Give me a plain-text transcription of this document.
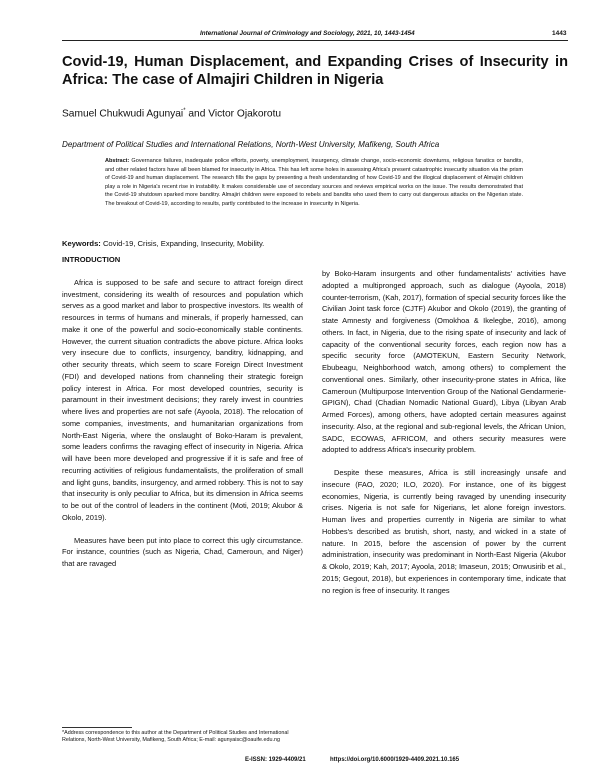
International Journal of Criminology and Sociology, 2021, 10, 1443-1454	1443
Covid-19, Human Displacement, and Expanding Crises of Insecurity in Africa: The case of Almajiri Children in Nigeria
Samuel Chukwudi Agunyai* and Victor Ojakorotu
Department of Political Studies and International Relations, North-West University, Mafikeng, South Africa
Abstract: Governance failures, inadequate police efforts, poverty, unemployment, insurgency, climate change, socio-economic downturns, religious fanatics or bandits, and other related factors have all been blamed for insecurity in Africa. This has left some holes in assessing Africa's present catastrophic insecurity situation via the prism of Covid-19 and human displacement. The research fills the gaps by presenting a fresh understanding of how Covid-19 and the illogical displacement of Almajiri children play a role in Nigeria's recent rise in instability. It makes considerable use of secondary sources and reviews empirical works on the issue. The results demonstrated that the Covid-19 shutdown sparked more banditry. Almajiri children were exposed to rebels and bandits who used them to carry out dangerous attacks on the Nigerian state. The breakout of Covid-19, according to results, partly contributed to the increase in insecurity in Nigeria.
Keywords: Covid-19, Crisis, Expanding, Insecurity, Mobility.

INTRODUCTION

Africa is supposed to be safe and secure to attract foreign direct investment, considering its wealth of resources and population which serves as a good market and labor to prospective investors. Its wealth of resources in terms of humans and minerals, if properly harnessed, can make it one of the powerful and socio-economically stable continents. However, the current situation contradicts the above picture. Africa looks very insecure due to conflicts, insurgency, banditry, kidnapping, and other security threats, which seem to scare Foreign Direct Investment (FDI) and developed nations from channeling their strategic foreign policy interest in Africa. For most developed countries, security is paramount in their investment decisions; they rarely invest in countries where lives and properties are not safe (Ayoola, 2018). The relocation of some companies, investments, and humanitarian organizations from North-East Nigeria, where the onslaught of Boko-Haram is prevalent, some leaders confirms the ravaging effect of insecurity in Nigeria. Africa will have been more developed and progressive if it is safe and free of recurring activities of religious fundamentalists, the proliferation of small and light guns, bandits, insurgency, and armed robbery. This is not to say that insecurity is only peculiar to Africa, but its dimension in Africa seems to be out of the control of leaders in the continent (Moti, 2019; Akubor & Okolo, 2019).

Measures have been put into place to correct this ugly circumstance. For instance, countries (such as Nigeria, Chad, Cameroun, and Niger) that are ravaged

by Boko-Haram insurgents and other fundamentalists' activities have adopted a multipronged approach, such as dialogue (Ayoola, 2018) counter-terrorism, (Kah, 2017), formation of special security forces like the Civilian Joint task force (CJTF) Akubor and Okolo (2019), the granting of state Amnesty and forgiveness (Omokhoa & Ikelegbe, 2016), among others. In fact, in Nigeria, due to the rising spate of insecurity and lack of capacity of the conventional security forces, each region now has a specific security force (AMOTEKUN, Eastern Security Network, Ebubeagu, Neighborhood watch, among others) to complement the conventional ones. Similarly, other insecurity-prone states in Africa, like Cameroun (Multipurpose Intervention Group of the National Gendarmerie-GPIGN), Chad (Chadian Nomadic National Guard), Libya (Libyan Arab Armed Forces), among others, have adopted certain measures against insecurity. Also, at the regional and sub-regional levels, the African Union, SADC, ECOWAS, AFRICOM, and others security measures were adopted to address Africa's insecurity problem.

Despite these measures, Africa is still increasingly unsafe and insecure (FAO, 2020; ILO, 2020). For instance, one of its biggest economies, Nigeria, is currently being ravaged by unending insecurity crises. Nigeria is not safe for Nigerians, let alone foreign investors. Human lives and properties currently in Nigeria are similar to what Hobbes's described as brutish, short, nasty, and wicked in a state of nature. In 2015, before the ascension of power by the current administration, insecurity was predominant in North-East Nigeria (Akubor & Okolo, 2019; Kah, 2017; Ayoola, 2018; Imaseun, 2015; Onwusirib et al., 2015; Gegout, 2018), but experiences in contemporary time, indicate that no region is free of insecurity. It ranges

*Address correspondence to this author at the Department of Political Studies and International Relations, North-West University, Mafikeng, South Africa; E-mail: agunyaisc@oauife.edu.ng
E-ISSN: 1929-4409/21	https://doi.org/10.6000/1929-4409.2021.10.165
